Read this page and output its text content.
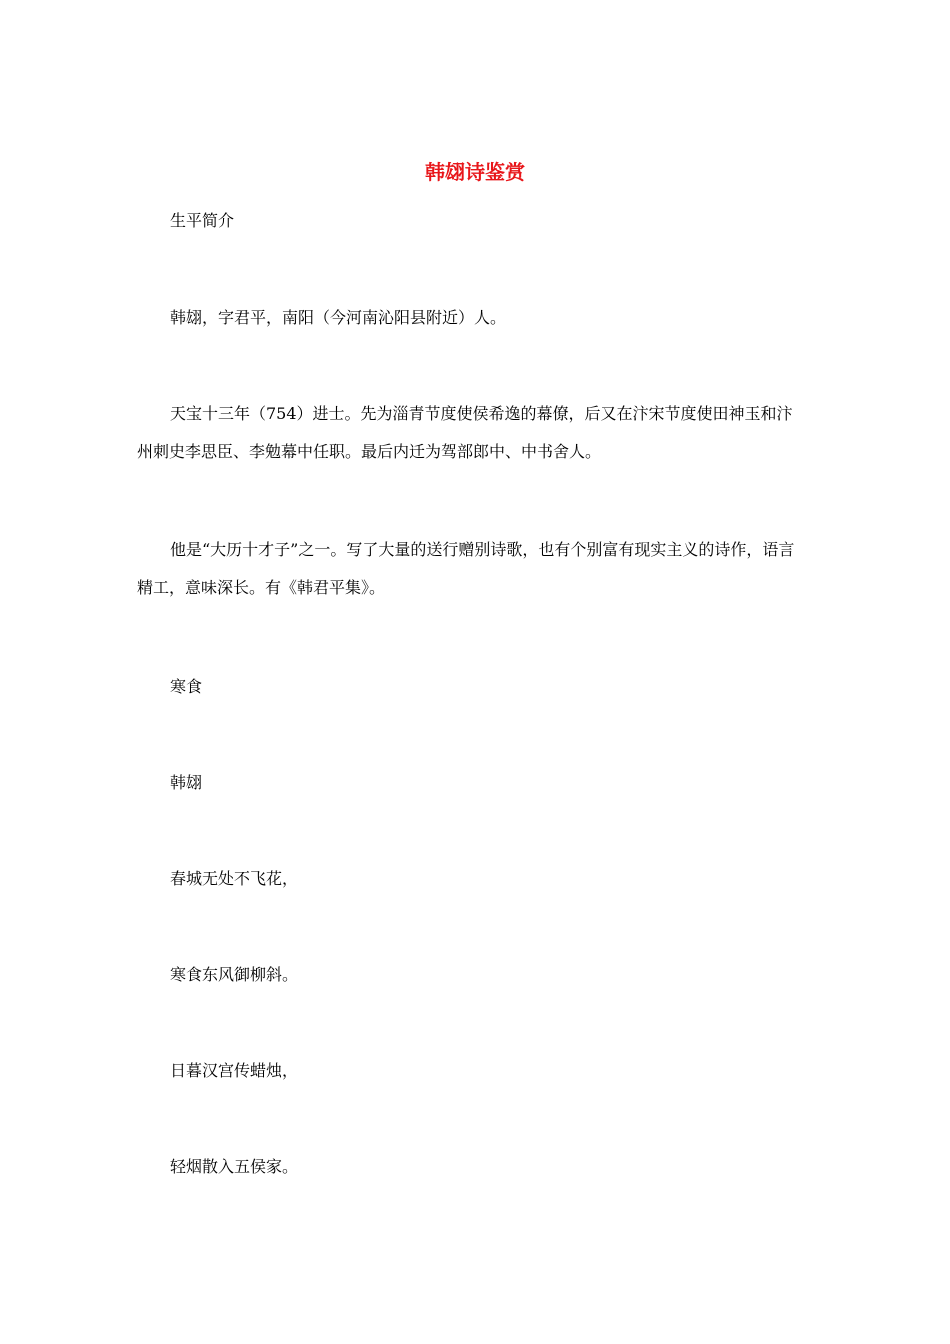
韩翃诗鉴赏
生平简介
韩翃，字君平，南阳（今河南沁阳县附近）人。
天宝十三年（754）进士。先为淄青节度使侯希逸的幕僚，后又在汴宋节度使田神玉和汴州刺史李思臣、李勉幕中任职。最后内迁为驾部郎中、中书舍人。
他是“大历十才子”之一。写了大量的送行赠别诗歌，也有个别富有现实主义的诗作，语言精工，意味深长。有《韩君平集》。
寒食
韩翃
春城无处不飞花，
寒食东风御柳斜。
日暮汉宫传蜡烛，
轻烟散入五侯家。
